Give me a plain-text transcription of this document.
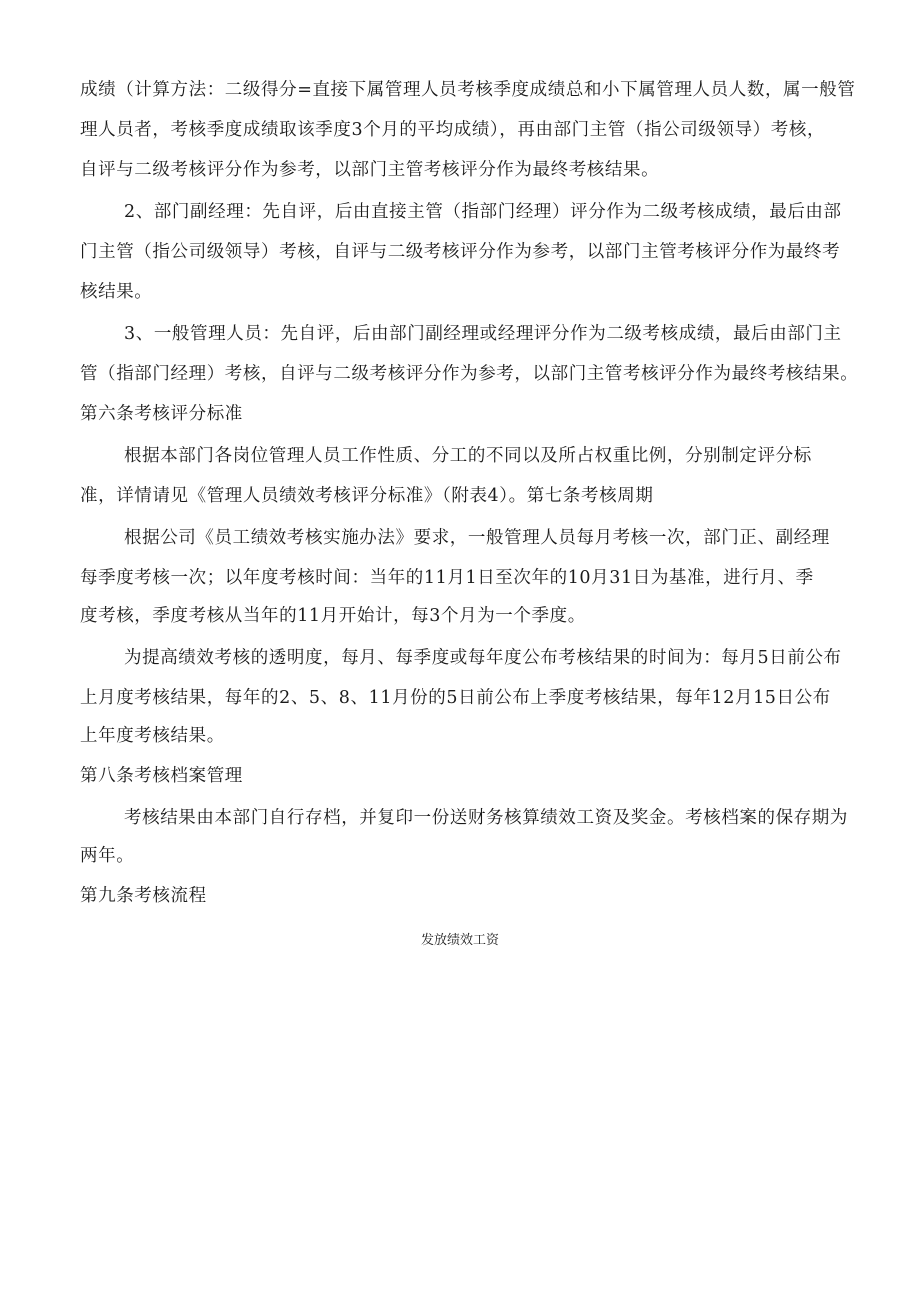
成绩（计算方法：二级得分=直接下属管理人员考核季度成绩总和小下属管理人员人数，属一般管
理人员者，考核季度成绩取该季度3个月的平均成绩），再由部门主管（指公司级领导）考核，
自评与二级考核评分作为参考，以部门主管考核评分作为最终考核结果。
2、部门副经理：先自评，后由直接主管（指部门经理）评分作为二级考核成绩，最后由部
门主管（指公司级领导）考核，自评与二级考核评分作为参考，以部门主管考核评分作为最终考
核结果。
3、一般管理人员：先自评，后由部门副经理或经理评分作为二级考核成绩，最后由部门主
管（指部门经理）考核，自评与二级考核评分作为参考，以部门主管考核评分作为最终考核结果。
第六条考核评分标准
根据本部门各岗位管理人员工作性质、分工的不同以及所占权重比例，分别制定评分标
准，详情请见《管理人员绩效考核评分标准》（附表4）。第七条考核周期
根据公司《员工绩效考核实施办法》要求，一般管理人员每月考核一次，部门正、副经理
每季度考核一次；以年度考核时间：当年的11月1日至次年的10月31日为基准，进行月、季
度考核，季度考核从当年的11月开始计，每3个月为一个季度。
为提高绩效考核的透明度，每月、每季度或每年度公布考核结果的时间为：每月5日前公布
上月度考核结果，每年的2、5、8、11月份的5日前公布上季度考核结果，每年12月15日公布
上年度考核结果。
第八条考核档案管理
考核结果由本部门自行存档，并复印一份送财务核算绩效工资及奖金。考核档案的保存期为
两年。
第九条考核流程
发放绩效工资
